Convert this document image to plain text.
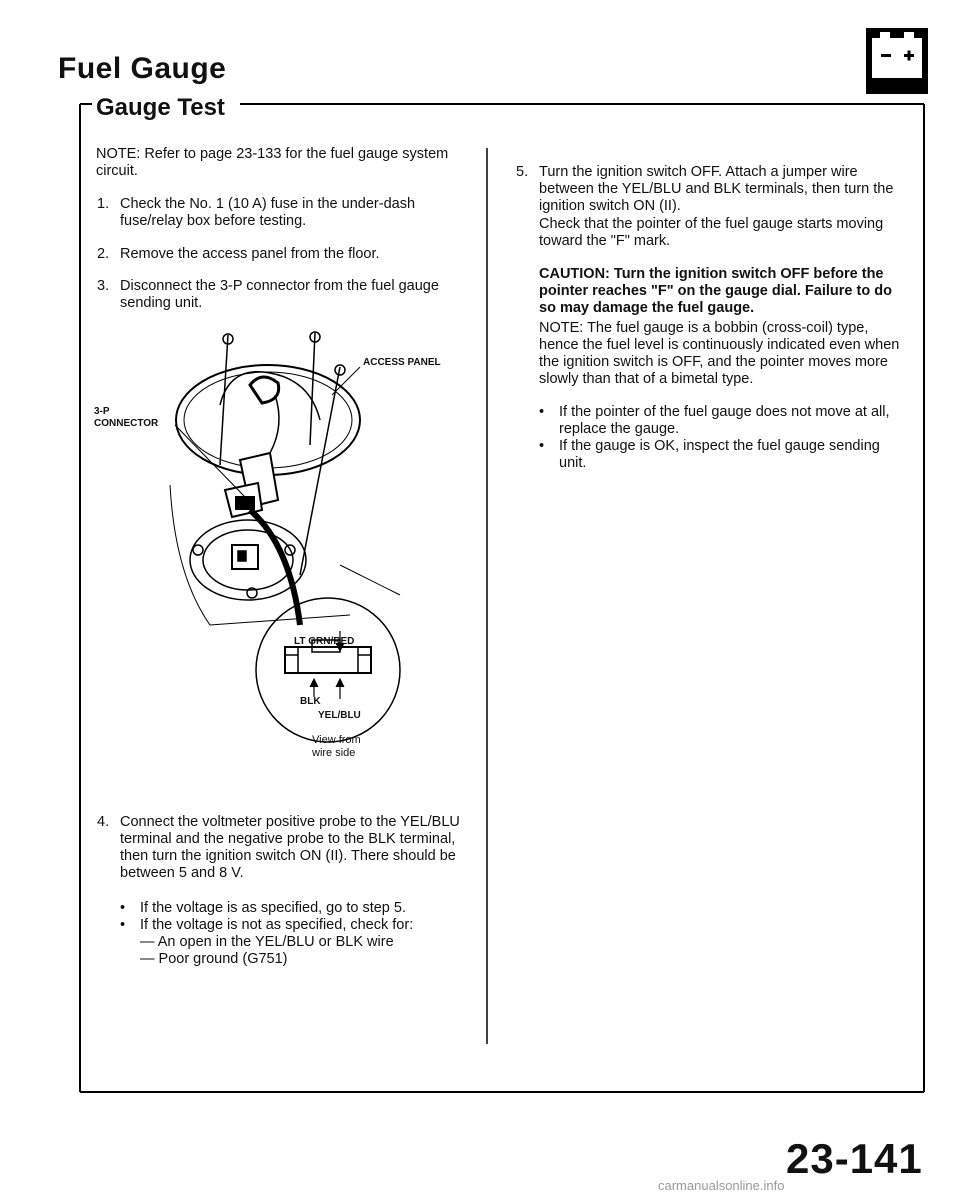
Fuel Gauge
Gauge Test
NOTE: Refer to page 23-133 for the fuel gauge system circuit.
1. Check the No. 1 (10 A) fuse in the under-dash fuse/relay box before testing.
2. Remove the access panel from the floor.
3. Disconnect the 3-P connector from the fuel gauge sending unit.
ACCESS PANEL
3-P
CONNECTOR
LT GRN/RED
BLK
YEL/BLU
View from
wire side
4. Connect the voltmeter positive probe to the YEL/BLU terminal and the negative probe to the BLK terminal, then turn the ignition switch ON (II). There should be between 5 and 8 V.
• If the voltage is as specified, go to step 5.
• If the voltage is not as specified, check for:
— An open in the YEL/BLU or BLK wire
— Poor ground (G751)
5. Turn the ignition switch OFF. Attach a jumper wire between the YEL/BLU and BLK terminals, then turn the ignition switch ON (II).
Check that the pointer of the fuel gauge starts moving toward the "F" mark.
CAUTION: Turn the ignition switch OFF before the pointer reaches "F" on the gauge dial. Failure to do so may damage the fuel gauge.
NOTE: The fuel gauge is a bobbin (cross-coil) type, hence the fuel level is continuously indicated even when the ignition switch is OFF, and the pointer moves more slowly than that of a bimetal type.
• If the pointer of the fuel gauge does not move at all, replace the gauge.
• If the gauge is OK, inspect the fuel gauge sending unit.
23-141
carmanualsonline.info
